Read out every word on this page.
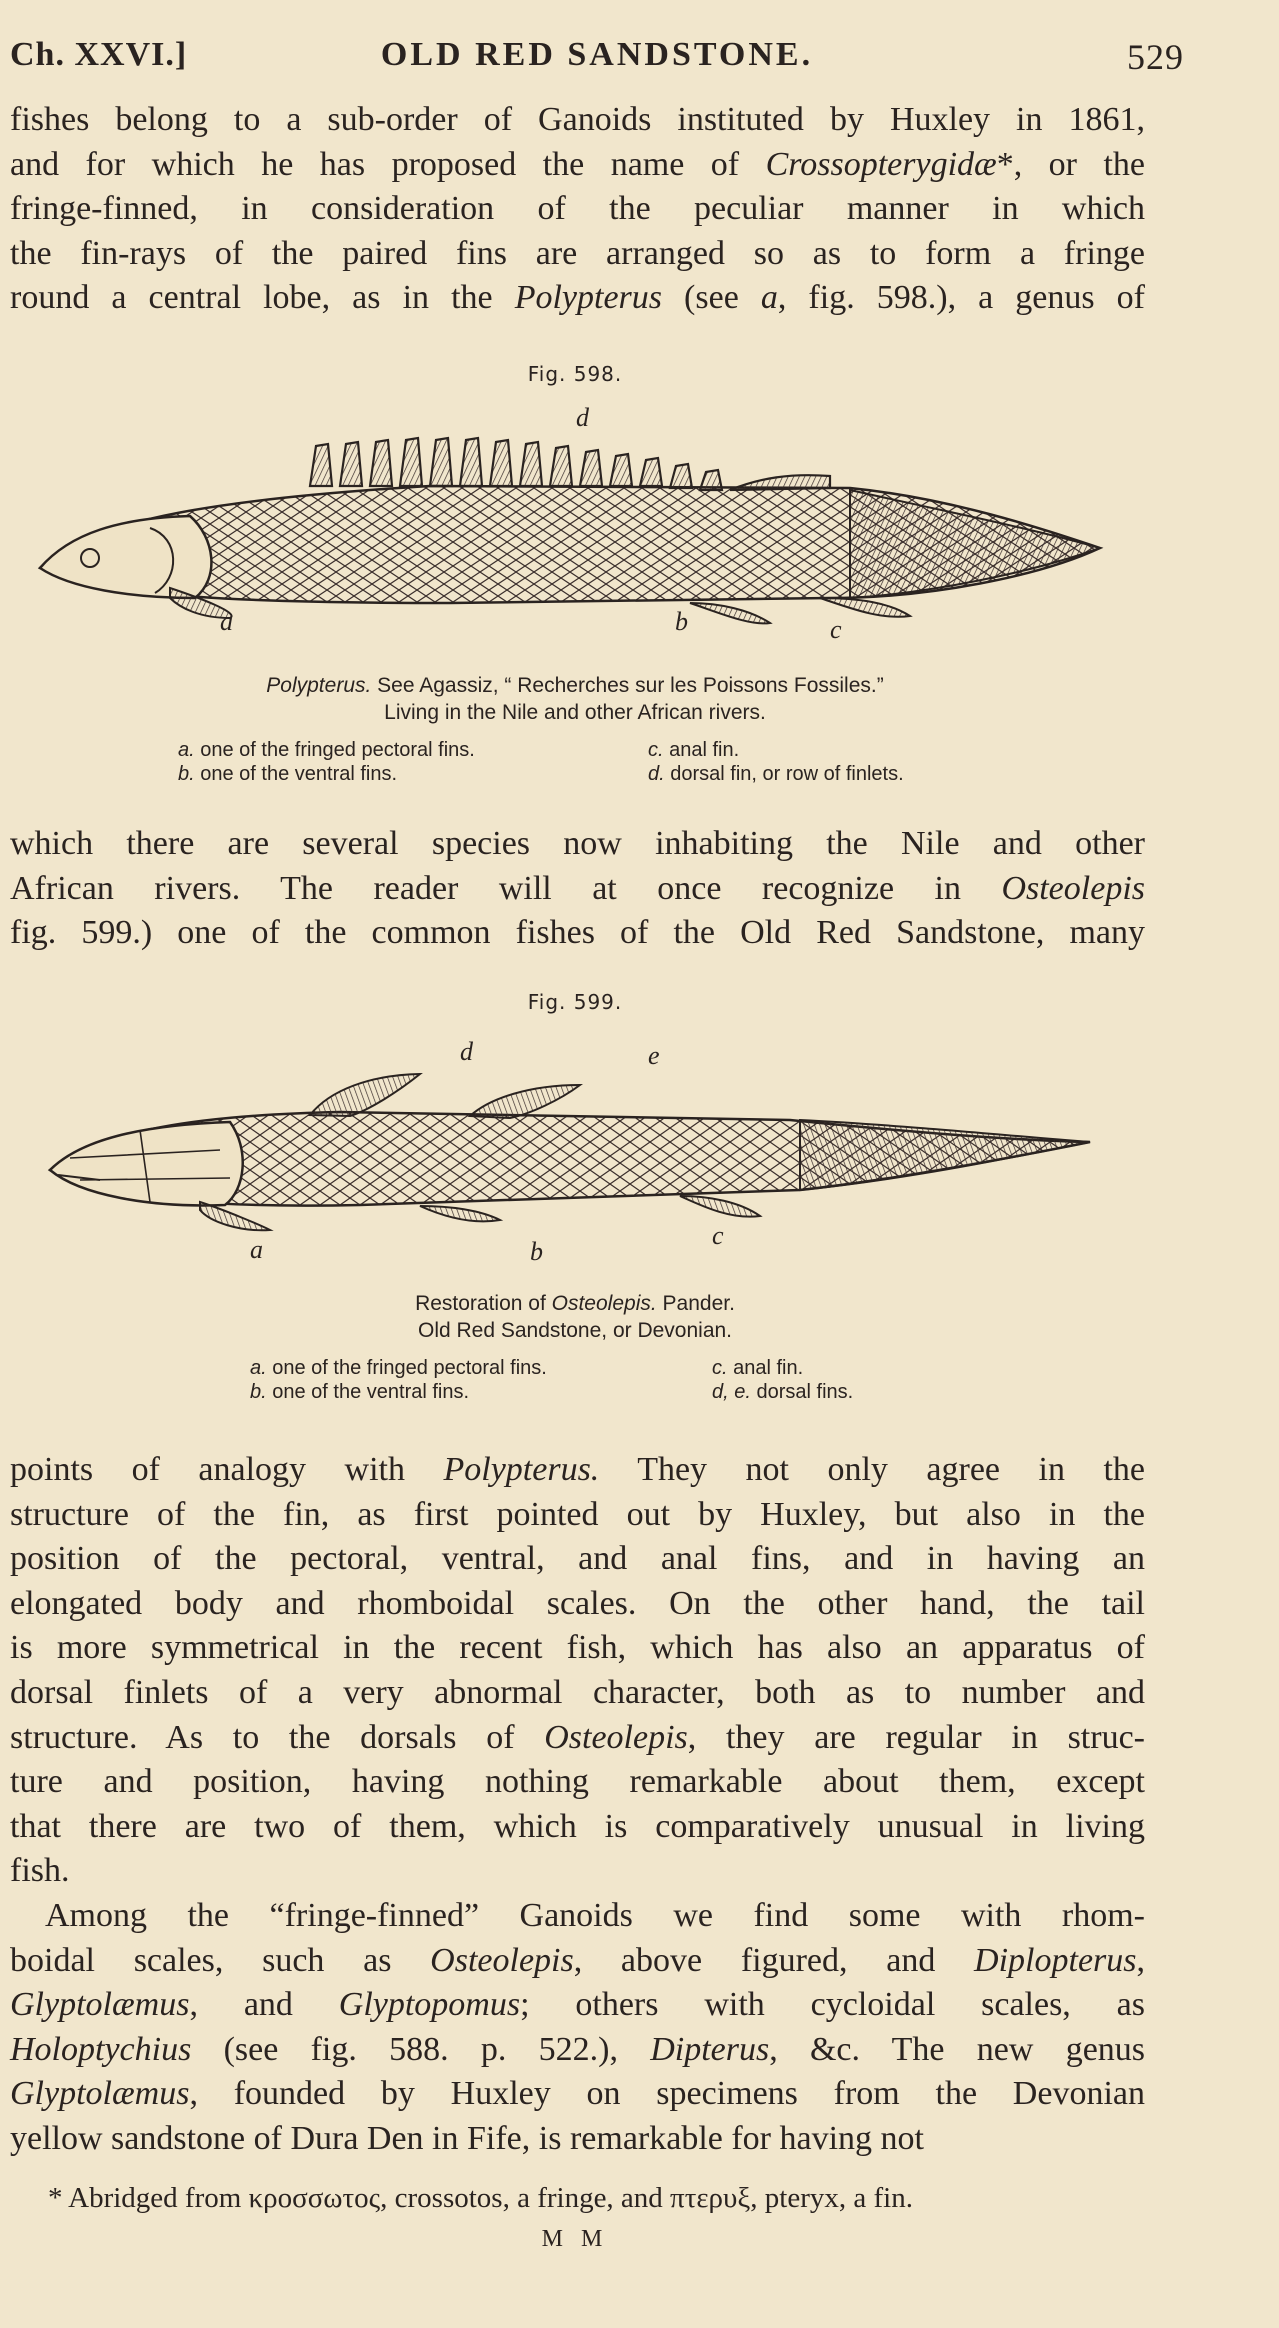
Ch. XXVI.]	OLD RED SANDSTONE.	529
fishes belong to a sub-order of Ganoids instituted by Huxley in 1861,
and for which he has proposed the name of Crossopterygidæ*, or the
fringe-finned, in consideration of the peculiar manner in which
the fin-rays of the paired fins are arranged so as to form a fringe
round a central lobe, as in the Polypterus (see a, fig. 598.), a genus of
Fig. 598.
a	b	c
d
Polypterus. See Agassiz, “ Recherches sur les Poissons Fossiles.”
Living in the Nile and other African rivers.
a. one of the fringed pectoral fins.
b. one of the ventral fins.
c. anal fin.
d. dorsal fin, or row of finlets.
which there are several species now inhabiting the Nile and other
African rivers. The reader will at once recognize in Osteolepis
fig. 599.) one of the common fishes of the Old Red Sandstone, many
Fig. 599.
a	b
c
d	e
Restoration of Osteolepis. Pander.
Old Red Sandstone, or Devonian.
a. one of the fringed pectoral fins.
b. one of the ventral fins.
c. anal fin.
d, e. dorsal fins.
points of analogy with Polypterus. They not only agree in the
structure of the fin, as first pointed out by Huxley, but also in the
position of the pectoral, ventral, and anal fins, and in having an
elongated body and rhomboidal scales. On the other hand, the tail
is more symmetrical in the recent fish, which has also an apparatus of
dorsal finlets of a very abnormal character, both as to number and
structure. As to the dorsals of Osteolepis, they are regular in struc-
ture and position, having nothing remarkable about them, except
that there are two of them, which is comparatively unusual in living
fish.
Among the “fringe-finned” Ganoids we find some with rhom-
boidal scales, such as Osteolepis, above figured, and Diplopterus,
Glyptolæmus, and Glyptopomus; others with cycloidal scales, as
Holoptychius (see fig. 588. p. 522.), Dipterus, &c. The new genus
Glyptolæmus, founded by Huxley on specimens from the Devonian
yellow sandstone of Dura Den in Fife, is remarkable for having not
* Abridged from κροσσωτος, crossotos, a fringe, and πτερυξ, pteryx, a fin.
M M
